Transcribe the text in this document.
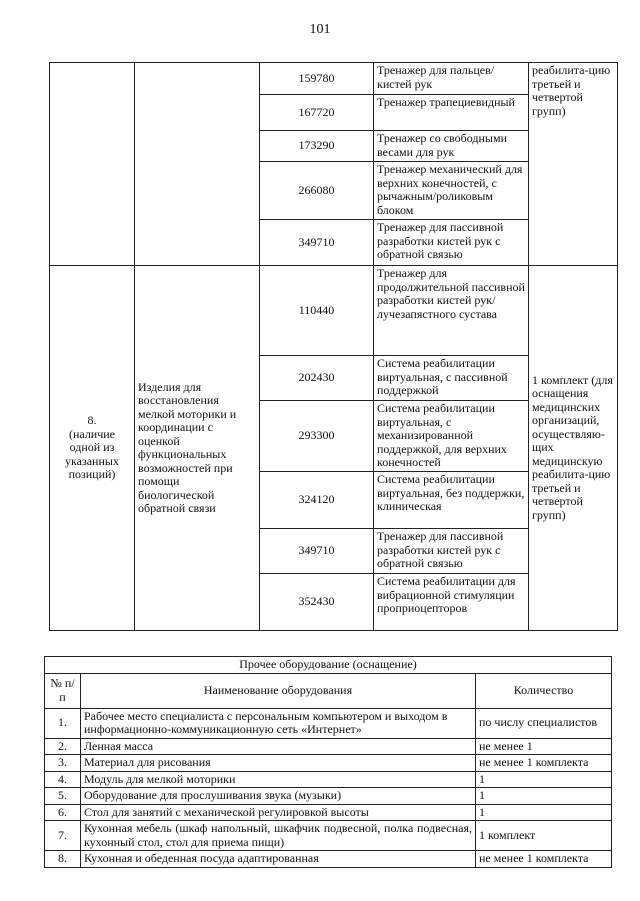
101
		159780	Тренажер для пальцев/кистей рук	реабилита-цию третьей и четвертой групп)
		167720	Тренажер трапециевидный	
		173290	Тренажер со свободными весами для рук	
		266080	Тренажер механический для верхних конечностей, с рычажным/роликовым блоком	
		349710	Тренажер для пассивной разработки кистей рук с обратной связью	

8.
(наличие одной из указанных позиций)	Изделия для восстановления мелкой моторики и координации с оценкой функциональных возможностей при помощи биологической обратной связи	110440	Тренажер для продолжительной пассивной разработки кистей рук/лучезапястного сустава	1 комплект (для оснащения медицинских организаций, осуществляю-щих медицинскую реабилита-цию третьей и четвертой групп)
		202430	Система реабилитации виртуальная, с пассивной поддержкой	
		293300	Система реабилитации виртуальная, с механизированной поддержкой, для верхних конечностей	
		324120	Система реабилитации виртуальная, без поддержки, клиническая	
		349710	Тренажер для пассивной разработки кистей рук с обратной связью	
		352430	Система реабилитации для вибрационной стимуляции проприоцепторов	
Прочее оборудование (оснащение)		
№ п/п	Наименование оборудования	Количество
1.	Рабочее место специалиста с персональным компьютером и выходом в информационно-коммуникационную сеть «Интернет»	по числу специалистов
2.	Ленная масса	не менее 1
3.	Материал для рисования	не менее 1 комплекта
4.	Модуль для мелкой моторики	1
5.	Оборудование для прослушивания звука (музыки)	1
6.	Стол для занятий с механической регулировкой высоты	1
7.	Кухонная мебель (шкаф напольный, шкафчик подвесной, полка подвесная, кухонный стол, стол для приема пищи)	1 комплект
8.	Кухонная и обеденная посуда адаптированная	не менее 1 комплекта
